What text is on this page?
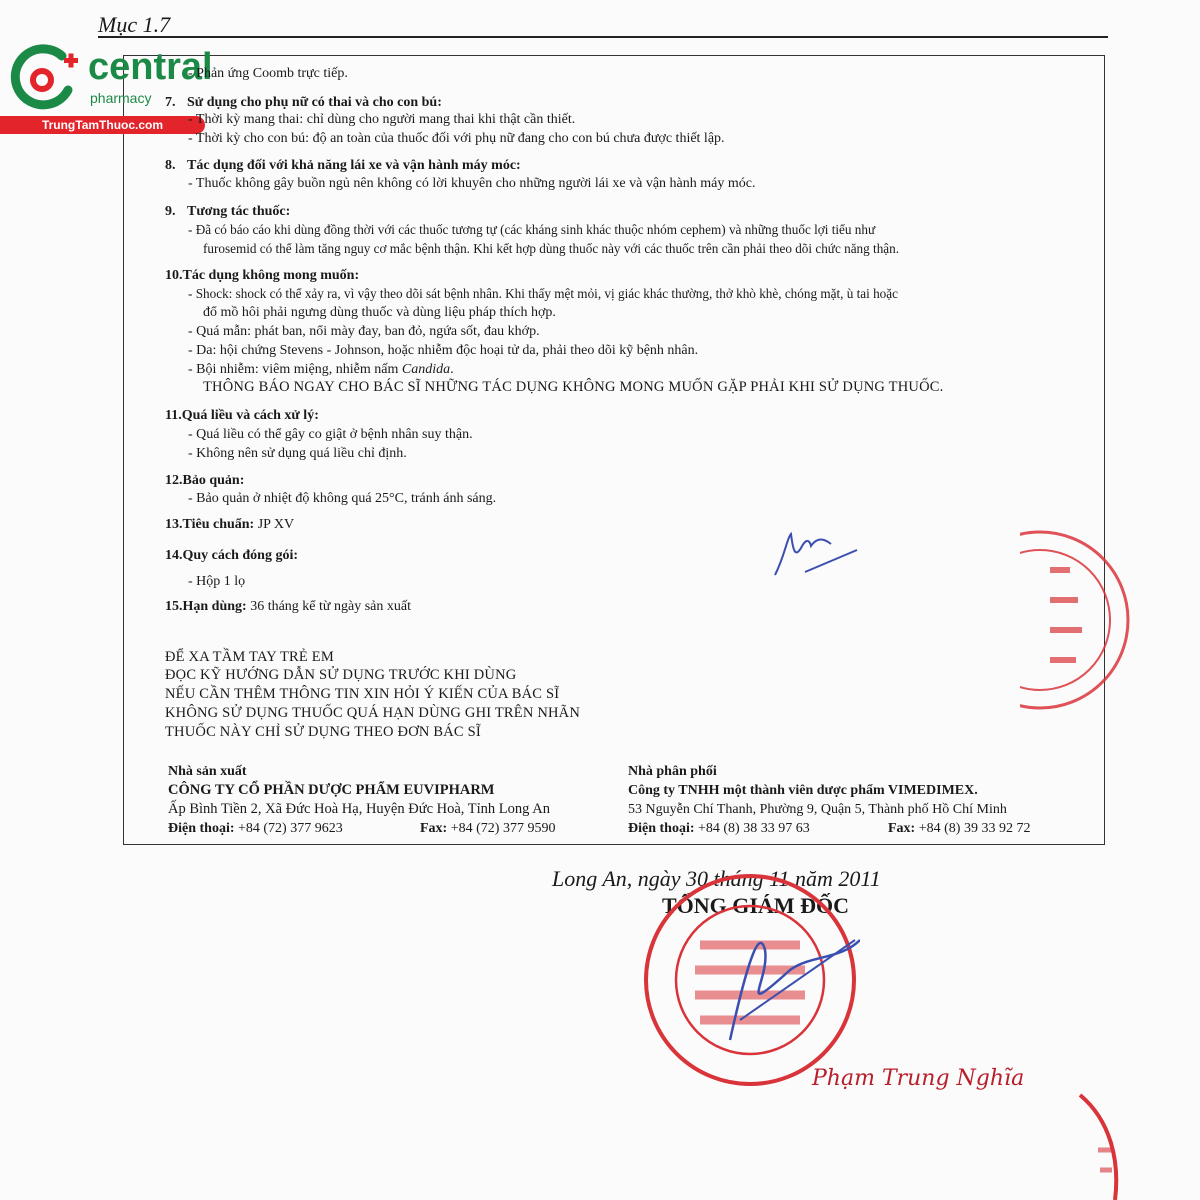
Mục 1.7
central
pharmacy
TrungTamThuoc.com
- Phản ứng Coomb trực tiếp.
7. Sử dụng cho phụ nữ có thai và cho con bú:
- Thời kỳ mang thai: chỉ dùng cho người mang thai khi thật cần thiết.
- Thời kỳ cho con bú: độ an toàn của thuốc đối với phụ nữ đang cho con bú chưa được thiết lập.
8. Tác dụng đối với khả năng lái xe và vận hành máy móc:
- Thuốc không gây buồn ngủ nên không có lời khuyên cho những người lái xe và vận hành máy móc.
9. Tương tác thuốc:
- Đã có báo cáo khi dùng đồng thời với các thuốc tương tự (các kháng sinh khác thuộc nhóm cephem) và những thuốc lợi tiểu như
furosemid có thể làm tăng nguy cơ mắc bệnh thận. Khi kết hợp dùng thuốc này với các thuốc trên cần phải theo dõi chức năng thận.
10.Tác dụng không mong muốn:
- Shock: shock có thể xảy ra, vì vậy theo dõi sát bệnh nhân. Khi thấy mệt mỏi, vị giác khác thường, thở khò khè, chóng mặt, ù tai hoặc
đổ mồ hôi phải ngưng dùng thuốc và dùng liệu pháp thích hợp.
- Quá mẫn: phát ban, nổi mày đay, ban đỏ, ngứa sốt, đau khớp.
- Da: hội chứng Stevens - Johnson, hoặc nhiễm độc hoại tử da, phải theo dõi kỹ bệnh nhân.
- Bội nhiễm: viêm miệng, nhiễm nấm Candida.
THÔNG BÁO NGAY CHO BÁC SĨ NHỮNG TÁC DỤNG KHÔNG MONG MUỐN GẶP PHẢI KHI SỬ DỤNG THUỐC.
11.Quá liều và cách xử lý:
- Quá liều có thể gây co giật ở bệnh nhân suy thận.
- Không nên sử dụng quá liều chỉ định.
12.Bảo quản:
- Bảo quản ở nhiệt độ không quá 25°C, tránh ánh sáng.
13.Tiêu chuẩn: JP XV
14.Quy cách đóng gói:
- Hộp 1 lọ
15.Hạn dùng: 36 tháng kể từ ngày sản xuất
ĐỂ XA TẦM TAY TRẺ EM
ĐỌC KỸ HƯỚNG DẪN SỬ DỤNG TRƯỚC KHI DÙNG
NẾU CẦN THÊM THÔNG TIN XIN HỎI Ý KIẾN CỦA BÁC SĨ
KHÔNG SỬ DỤNG THUỐC QUÁ HẠN DÙNG GHI TRÊN NHÃN
THUỐC NÀY CHỈ SỬ DỤNG THEO ĐƠN BÁC SĨ
Nhà sản xuất
CÔNG TY CỔ PHẦN DƯỢC PHẨM EUVIPHARM
Ấp Bình Tiền 2, Xã Đức Hoà Hạ, Huyện Đức Hoà, Tỉnh Long An
Điện thoại: +84 (72) 377 9623	Fax: +84 (72) 377 9590
Nhà phân phối
Công ty TNHH một thành viên dược phẩm VIMEDIMEX.
53 Nguyễn Chí Thanh, Phường 9, Quận 5, Thành phố Hồ Chí Minh
Điện thoại: +84 (8) 38 33 97 63	Fax: +84 (8) 39 33 92 72
Long An, ngày 30 tháng 11 năm 2011
TỔNG GIÁM ĐỐC
Phạm Trung Nghĩa
